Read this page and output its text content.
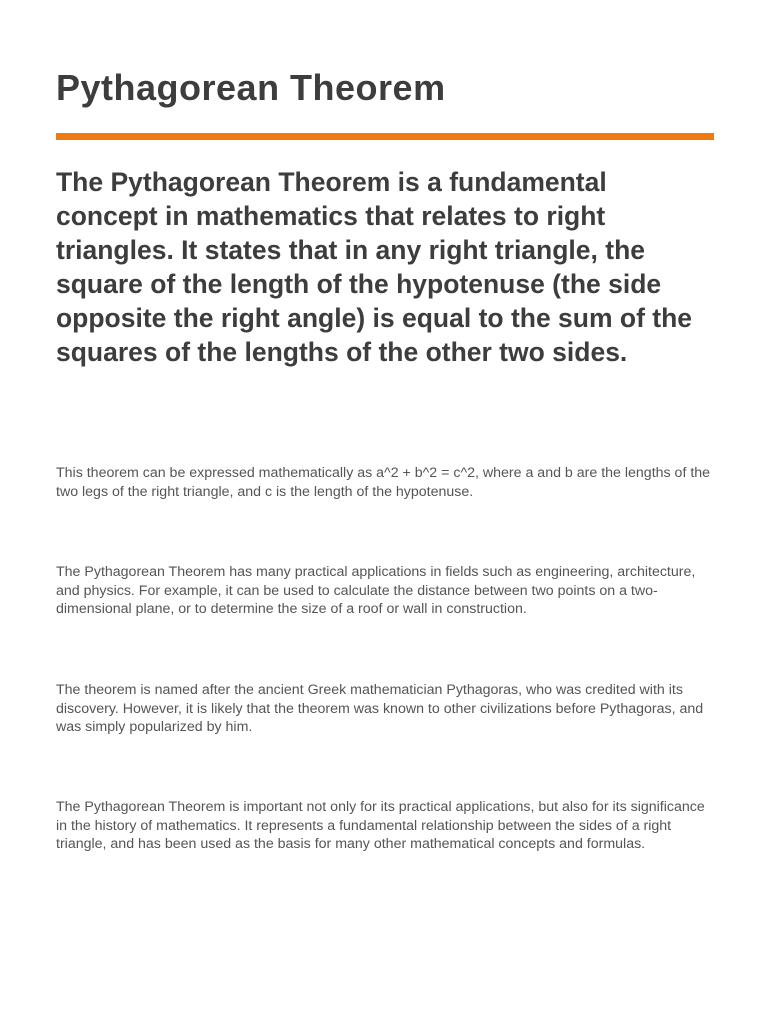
Pythagorean Theorem

The Pythagorean Theorem is a fundamental concept in mathematics that relates to right triangles. It states that in any right triangle, the square of the length of the hypotenuse (the side opposite the right angle) is equal to the sum of the squares of the lengths of the other two sides.

This theorem can be expressed mathematically as a^2 + b^2 = c^2, where a and b are the lengths of the two legs of the right triangle, and c is the length of the hypotenuse.

The Pythagorean Theorem has many practical applications in fields such as engineering, architecture, and physics. For example, it can be used to calculate the distance between two points on a two-dimensional plane, or to determine the size of a roof or wall in construction.

The theorem is named after the ancient Greek mathematician Pythagoras, who was credited with its discovery. However, it is likely that the theorem was known to other civilizations before Pythagoras, and was simply popularized by him.

The Pythagorean Theorem is important not only for its practical applications, but also for its significance in the history of mathematics. It represents a fundamental relationship between the sides of a right triangle, and has been used as the basis for many other mathematical concepts and formulas.
